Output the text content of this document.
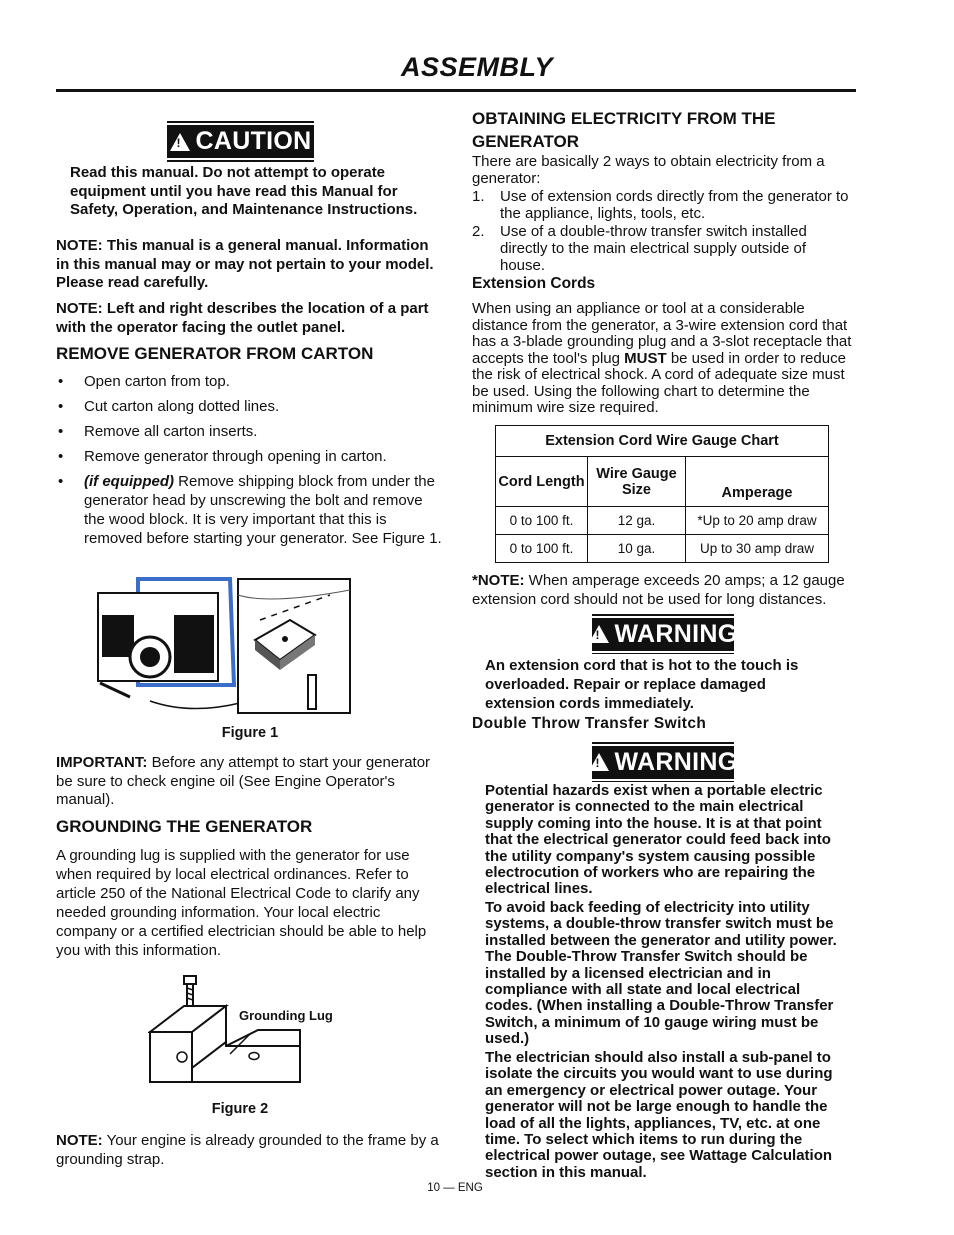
ASSEMBLY
!
CAUTION
Read this manual. Do not attempt to operate equipment until you have read this Manual for Safety, Operation, and Maintenance Instructions.
NOTE: This manual is a general manual. Information in this manual may or may not pertain to your model. Please read carefully.
NOTE: Left and right describes the location of a part with the operator facing the outlet panel.
REMOVE GENERATOR FROM CARTON
• Open carton from top.
• Cut carton along dotted lines.
• Remove all carton inserts.
• Remove generator through opening in carton.
• (if equipped) Remove shipping block from under the generator head by unscrewing the bolt and remove the wood block. It is very important that this is removed before starting your generator. See Figure 1.
Figure 1
IMPORTANT: Before any attempt to start your generator be sure to check engine oil (See Engine Operator's manual).
GROUNDING THE GENERATOR
A grounding lug is supplied with the generator for use when required by local electrical ordinances. Refer to article 250 of the National Electrical Code to clarify any needed grounding information. Your local electric company or a certified electrician should be able to help you with this information.
Grounding Lug
Figure 2
NOTE: Your engine is already grounded to the frame by a grounding strap.
OBTAINING ELECTRICITY FROM THE GENERATOR
There are basically 2 ways to obtain electricity from a generator:
1. Use of extension cords directly from the generator to the appliance, lights, tools, etc.
2. Use of a double-throw transfer switch installed directly to the main electrical supply outside of house.
Extension Cords
When using an appliance or tool at a considerable distance from the generator, a 3-wire extension cord that has a 3-blade grounding plug and a 3-slot receptacle that accepts the tool's plug MUST be used in order to reduce the risk of electrical shock. A cord of adequate size must be used. Using the following chart to determine the minimum wire size required.
Extension Cord Wire Gauge Chart		
Cord Length	Wire Gauge Size	Amperage
0 to 100 ft.	12 ga.	*Up to 20 amp draw
0 to 100 ft.	10 ga.	Up to 30 amp draw
*NOTE: When amperage exceeds 20 amps; a 12 gauge extension cord should not be used for long distances.
!
WARNING
An extension cord that is hot to the touch is overloaded. Repair or replace damaged extension cords immediately.
Double Throw Transfer Switch
!
WARNING
Potential hazards exist when a portable electric generator is connected to the main electrical supply coming into the house. It is at that point that the electrical generator could feed back into the utility company's system causing possible electrocution of workers who are repairing the electrical lines.
To avoid back feeding of electricity into utility systems, a double-throw transfer switch must be installed between the generator and utility power. The Double-Throw Transfer Switch should be installed by a licensed electrician and in compliance with all state and local electrical codes. (When installing a Double-Throw Transfer Switch, a minimum of 10 gauge wiring must be used.)
The electrician should also install a sub-panel to isolate the circuits you would want to use during an emergency or electrical power outage. Your generator will not be large enough to handle the load of all the lights, appliances, TV, etc. at one time. To select which items to run during the electrical power outage, see Wattage Calculation section in this manual.
10 — ENG
